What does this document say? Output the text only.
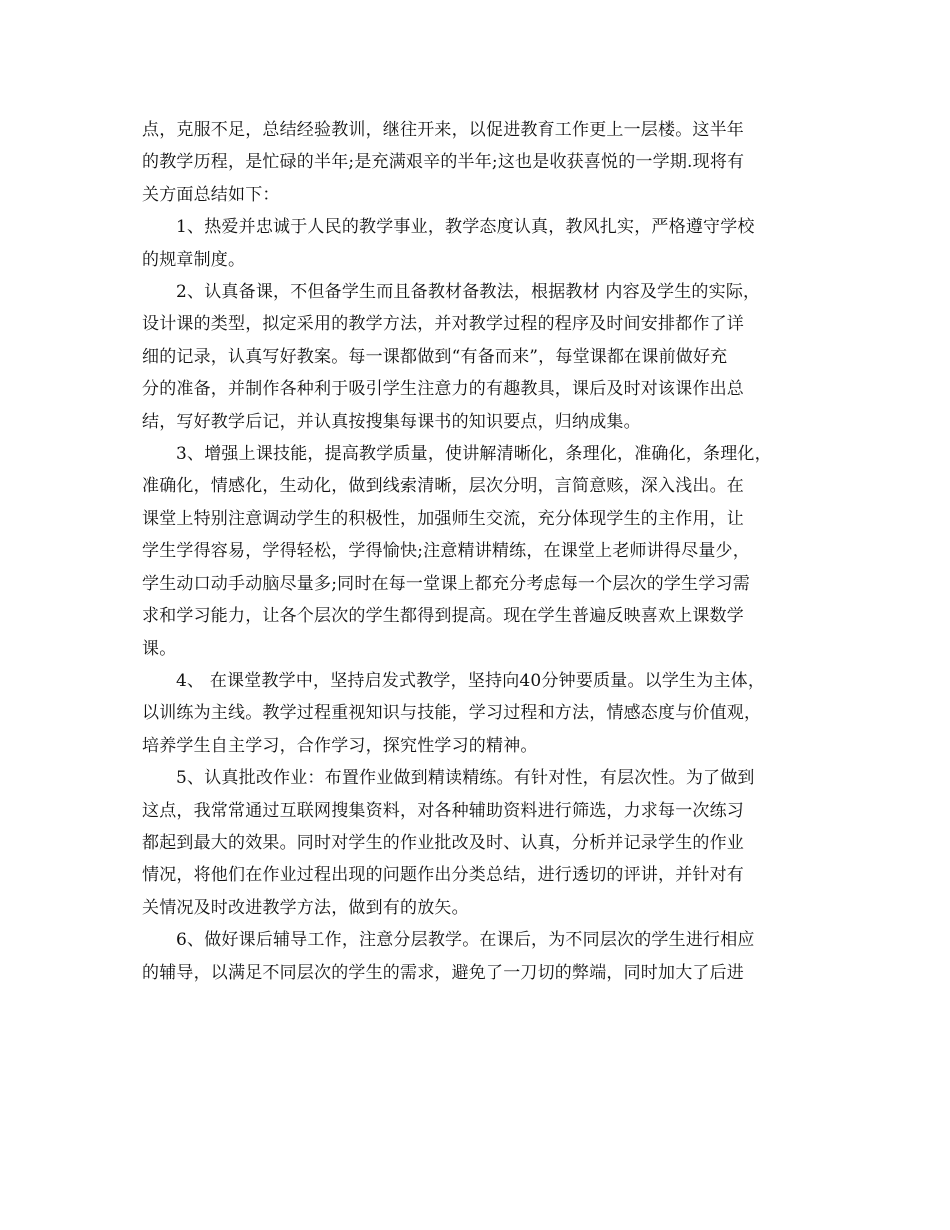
点，克服不足，总结经验教训，继往开来，以促进教育工作更上一层楼。这半年
的教学历程，是忙碌的半年;是充满艰辛的半年;这也是收获喜悦的一学期.现将有
关方面总结如下：
1、热爱并忠诚于人民的教学事业，教学态度认真，教风扎实，严格遵守学校
的规章制度。
2、认真备课，不但备学生而且备教材备教法，根据教材 内容及学生的实际，
设计课的类型，拟定采用的教学方法，并对教学过程的程序及时间安排都作了详
细的记录，认真写好教案。每一课都做到“有备而来”，每堂课都在课前做好充
分的准备，并制作各种利于吸引学生注意力的有趣教具，课后及时对该课作出总
结，写好教学后记，并认真按搜集每课书的知识要点，归纳成集。
3、增强上课技能，提高教学质量，使讲解清晰化，条理化，准确化，条理化，
准确化，情感化，生动化，做到线索清晰，层次分明，言简意赅，深入浅出。在
课堂上特别注意调动学生的积极性，加强师生交流，充分体现学生的主作用，让
学生学得容易，学得轻松，学得愉快;注意精讲精练，在课堂上老师讲得尽量少，
学生动口动手动脑尽量多;同时在每一堂课上都充分考虑每一个层次的学生学习需
求和学习能力，让各个层次的学生都得到提高。现在学生普遍反映喜欢上课数学
课。
4、 在课堂教学中，坚持启发式教学，坚持向40分钟要质量。以学生为主体，
以训练为主线。教学过程重视知识与技能，学习过程和方法，情感态度与价值观，
培养学生自主学习，合作学习，探究性学习的精神。
5、认真批改作业：布置作业做到精读精练。有针对性，有层次性。为了做到
这点，我常常通过互联网搜集资料，对各种辅助资料进行筛选，力求每一次练习
都起到最大的效果。同时对学生的作业批改及时、认真，分析并记录学生的作业
情况，将他们在作业过程出现的问题作出分类总结，进行透切的评讲，并针对有
关情况及时改进教学方法，做到有的放矢。
6、做好课后辅导工作，注意分层教学。在课后，为不同层次的学生进行相应
的辅导，以满足不同层次的学生的需求，避免了一刀切的弊端，同时加大了后进
